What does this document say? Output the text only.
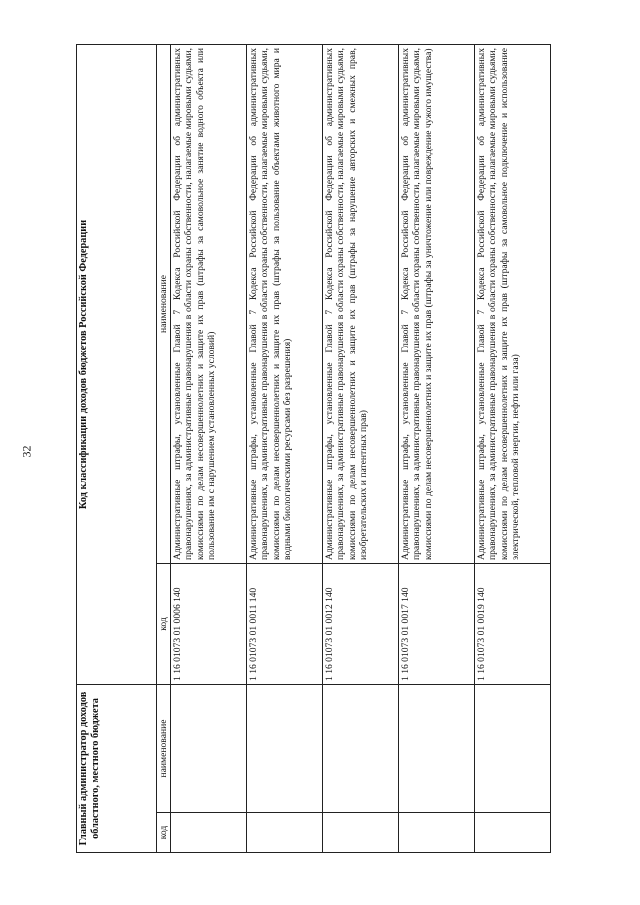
32
Главный администратор доходов областного, местного бюджета		Код классификации доходов бюджетов Российской Федерации	
код	наименование	код	наименование
		1 16 01073 01 0006 140	Административные штрафы, установленные Главой 7 Кодекса Российской Федерации об административных правонарушениях, за административные правонарушения в области охраны собственности, налагаемые мировыми судьями, комиссиями по делам несовершеннолетних и защите их прав (штрафы за самовольное занятие водного объекта или пользование им с нарушением установленных условий)
		1 16 01073 01 0011 140	Административные штрафы, установленные Главой 7 Кодекса Российской Федерации об административных правонарушениях, за административные правонарушения в области охраны собственности, налагаемые мировыми судьями, комиссиями по делам несовершеннолетних и защите их прав (штрафы за пользование объектами животного мира и водными биологическими ресурсами без разрешения)
		1 16 01073 01 0012 140	Административные штрафы, установленные Главой 7 Кодекса Российской Федерации об административных правонарушениях, за административные правонарушения в области охраны собственности, налагаемые мировыми судьями, комиссиями по делам несовершеннолетних и защите их прав (штрафы за нарушение авторских и смежных прав, изобретательских и патентных прав)
		1 16 01073 01 0017 140	Административные штрафы, установленные Главой 7 Кодекса Российской Федерации об административных правонарушениях, за административные правонарушения в области охраны собственности, налагаемые мировыми судьями, комиссиями по делам несовершеннолетних и защите их прав (штрафы за уничтожение или повреждение чужого имущества)
		1 16 01073 01 0019 140	Административные штрафы, установленные Главой 7 Кодекса Российской Федерации об административных правонарушениях, за административные правонарушения в области охраны собственности, налагаемые мировыми судьями, комиссиями по делам несовершеннолетних и защите их прав (штрафы за самовольное подключение и использование электрической, тепловой энергии, нефти или газа)
